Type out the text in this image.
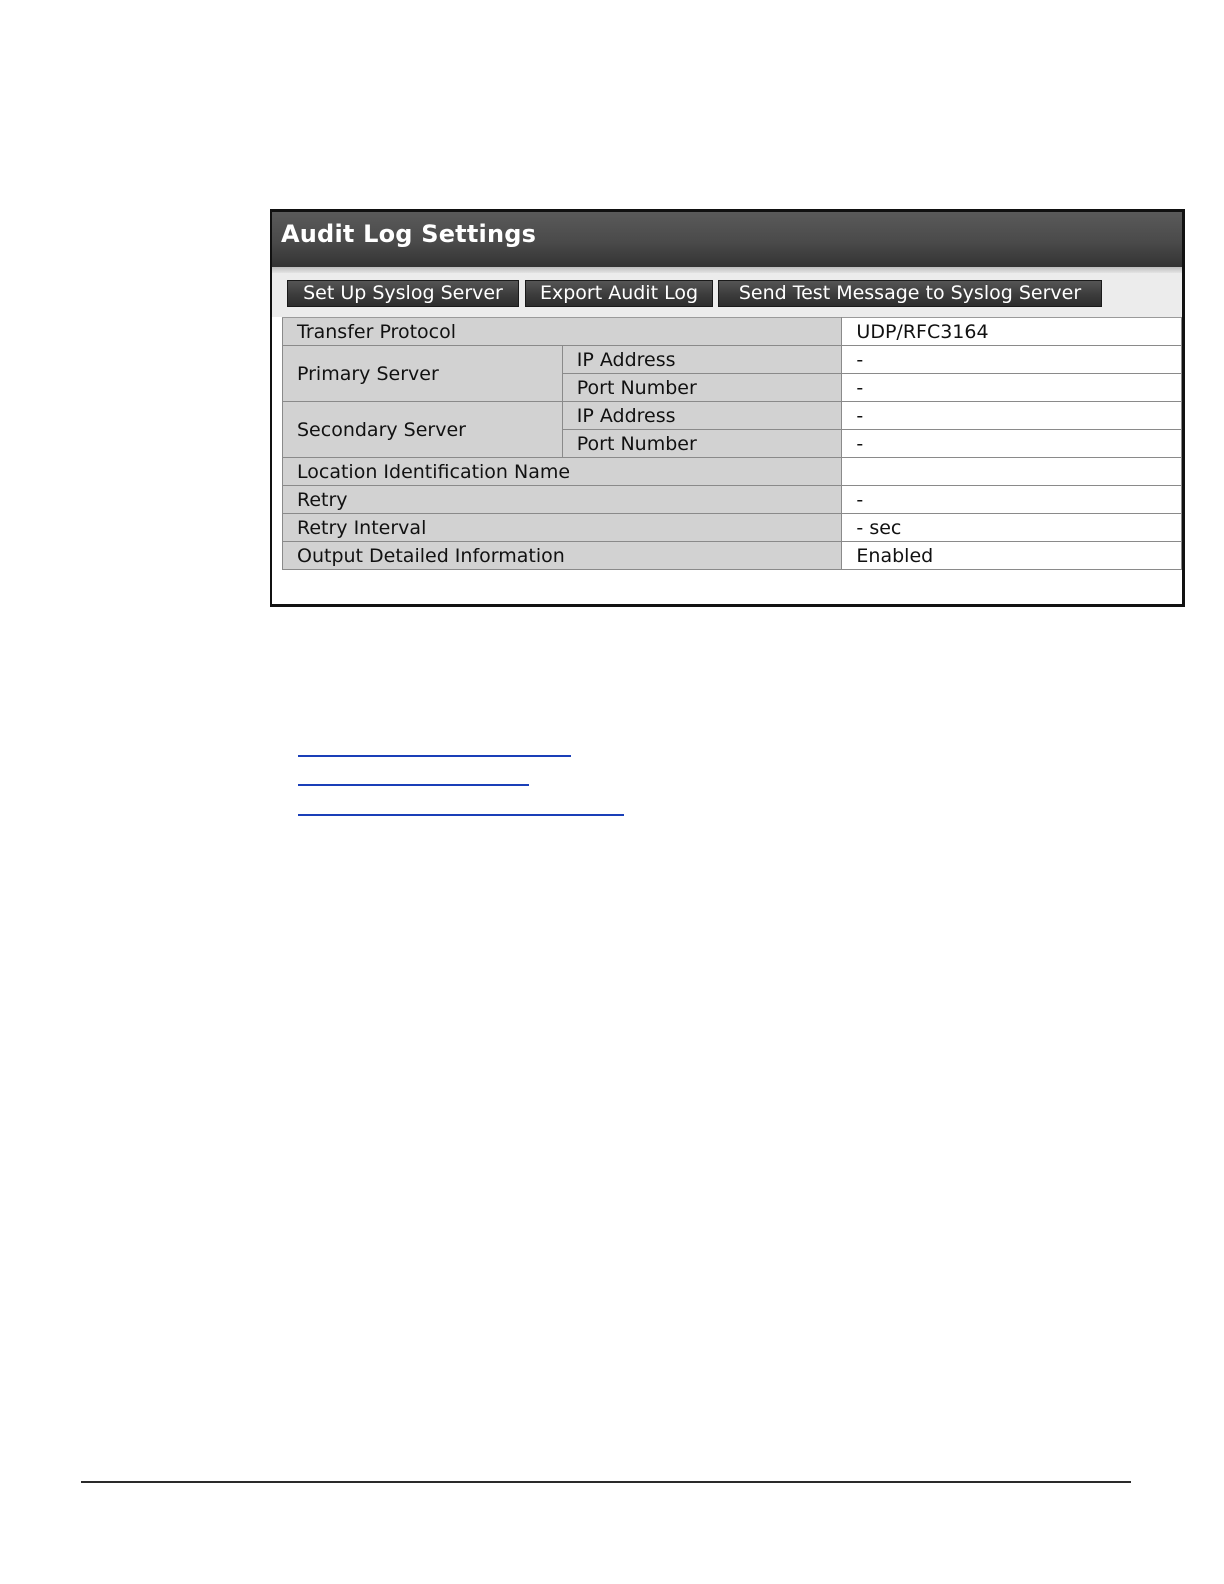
Audit Log Settings
Set Up Syslog Server	Export Audit Log	Send Test Message to Syslog Server
Transfer Protocol		UDP/RFC3164
Primary Server	IP Address	-
	Port Number	-
Secondary Server	IP Address	-
	Port Number	-
Location Identification Name		
Retry		-
Retry Interval		- sec
Output Detailed Information		Enabled
